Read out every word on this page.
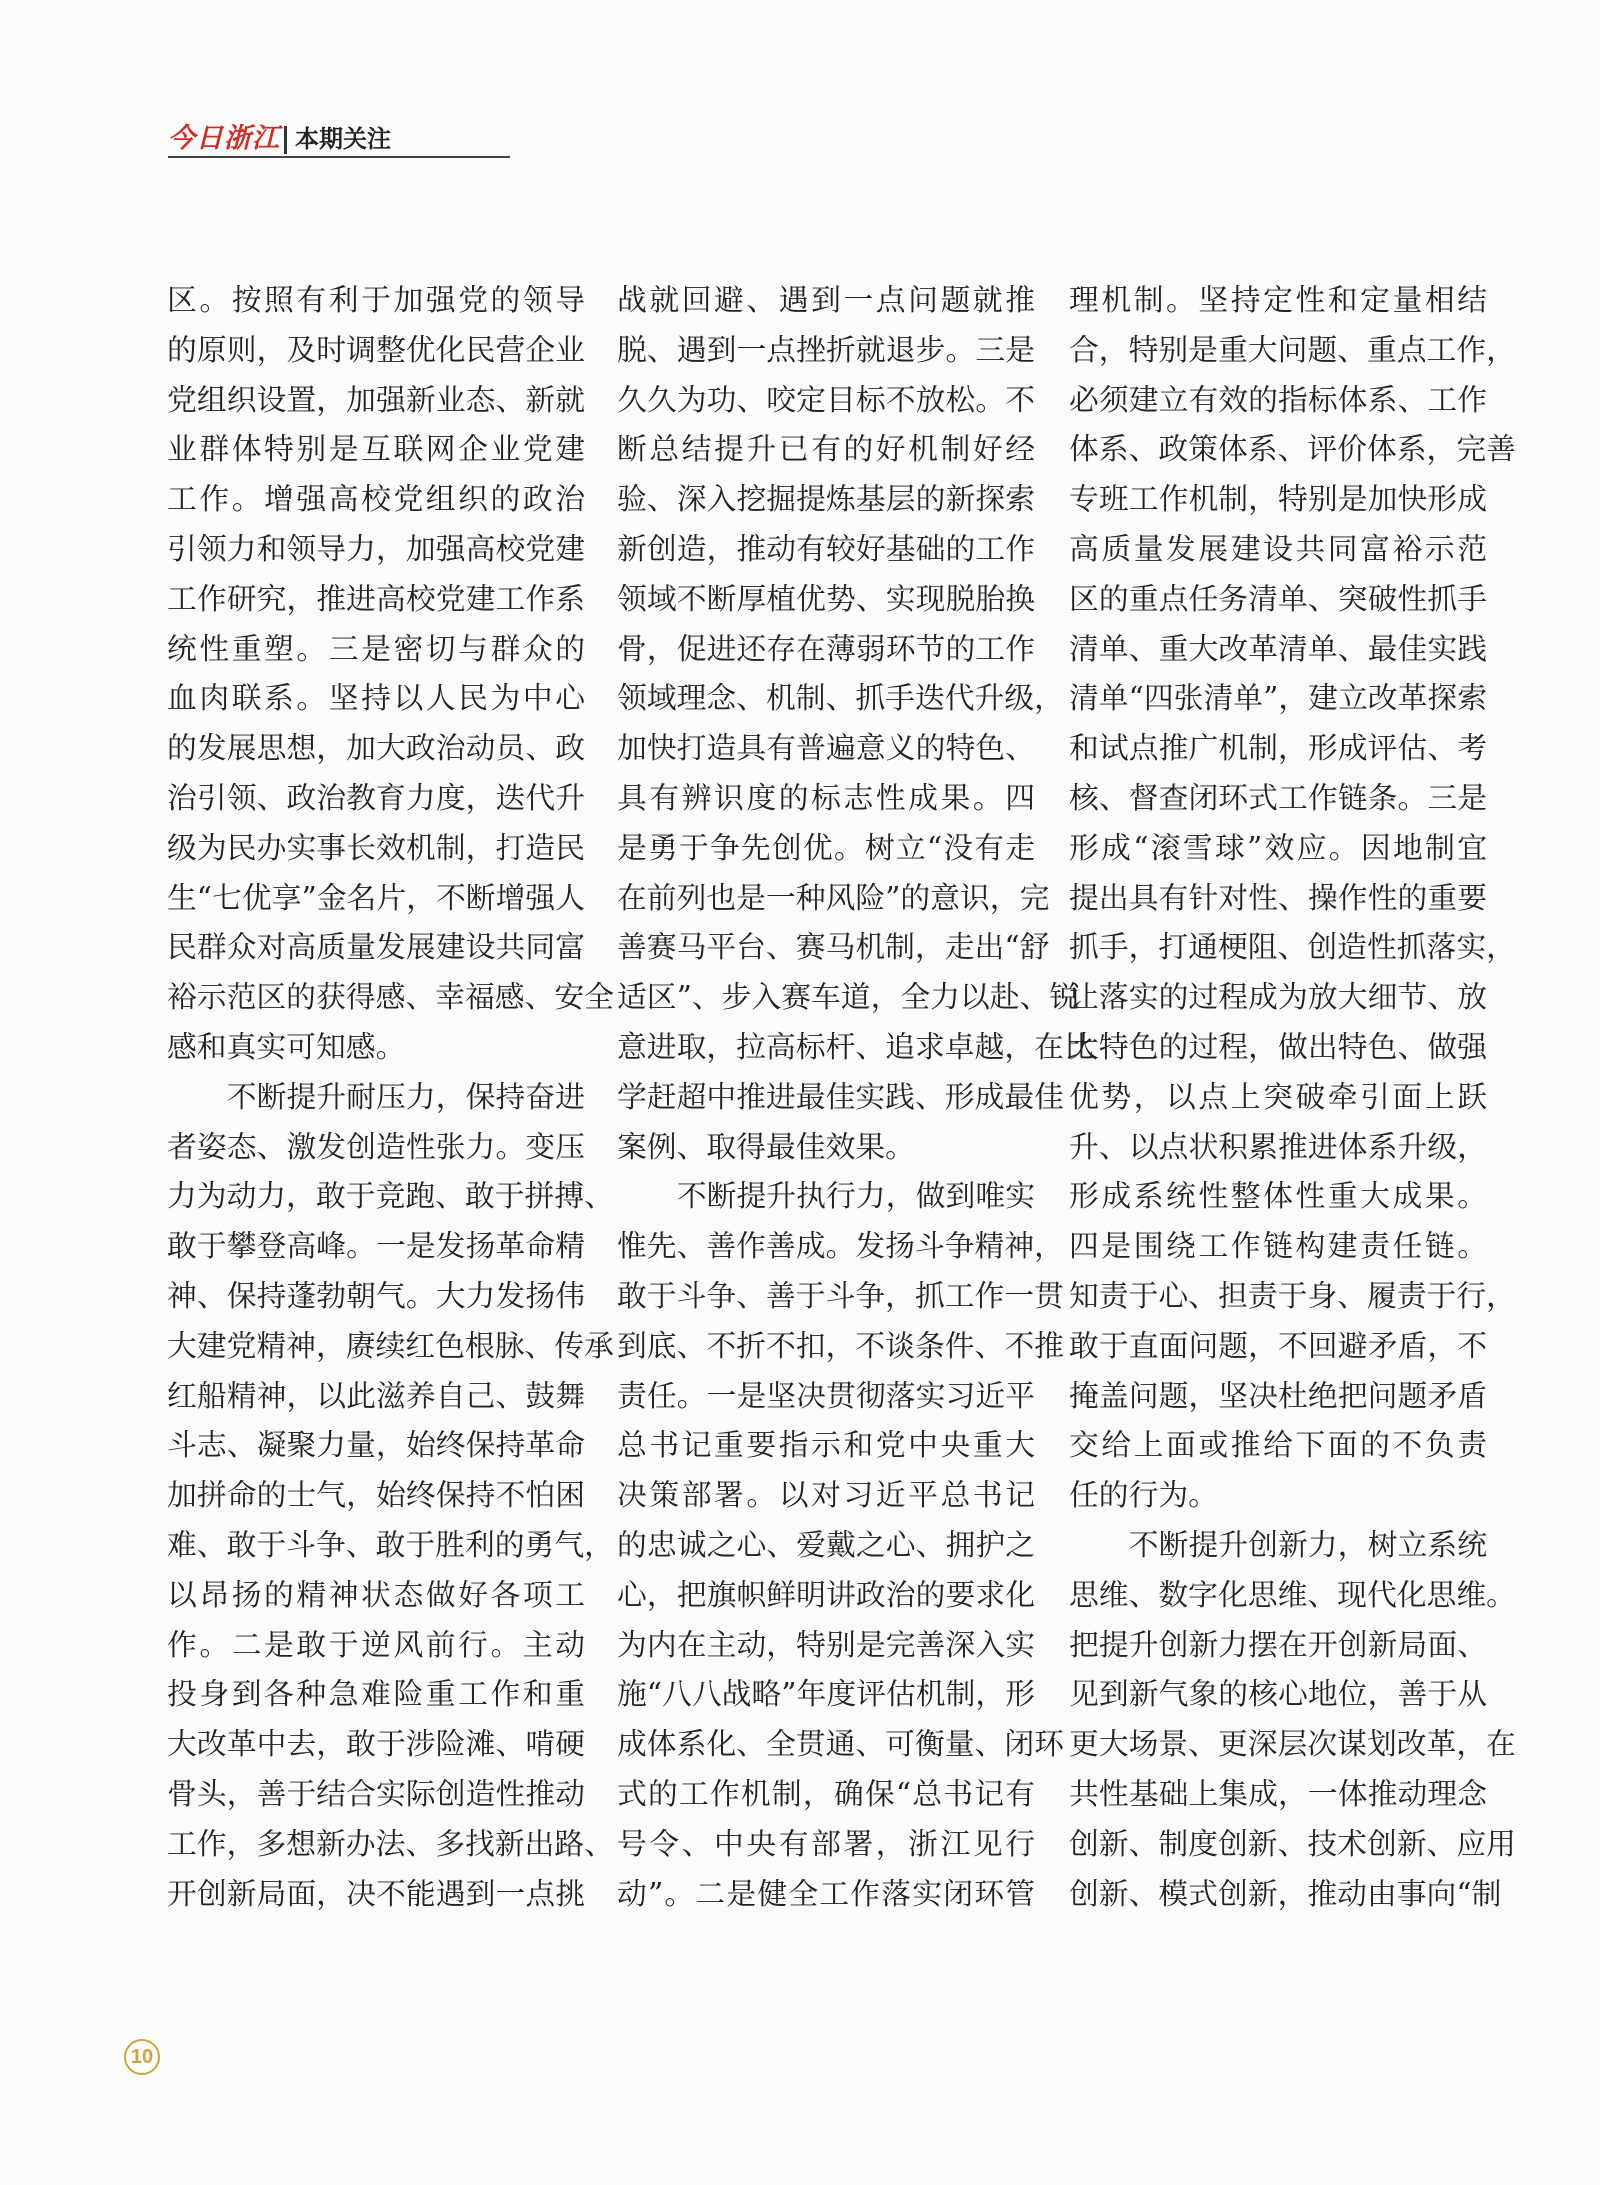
今日浙江 本期关注

区。按照有利于加强党的领导

的原则，及时调整优化民营企业

党组织设置，加强新业态、新就

业群体特别是互联网企业党建

工作。增强高校党组织的政治

引领力和领导力，加强高校党建

工作研究，推进高校党建工作系

统性重塑。三是密切与群众的

血肉联系。坚持以人民为中心

的发展思想，加大政治动员、政

治引领、政治教育力度，迭代升

级为民办实事长效机制，打造民

生“七优享”金名片，不断增强人

民群众对高质量发展建设共同富

裕示范区的获得感、幸福感、安全

感和真实可知感。

　　不断提升耐压力，保持奋进

者姿态、激发创造性张力。变压

力为动力，敢于竞跑、敢于拼搏、

敢于攀登高峰。一是发扬革命精

神、保持蓬勃朝气。大力发扬伟

大建党精神，赓续红色根脉、传承

红船精神，以此滋养自己、鼓舞

斗志、凝聚力量，始终保持革命

加拼命的士气，始终保持不怕困

难、敢于斗争、敢于胜利的勇气，

以昂扬的精神状态做好各项工

作。二是敢于逆风前行。主动

投身到各种急难险重工作和重

大改革中去，敢于涉险滩、啃硬

骨头，善于结合实际创造性推动

工作，多想新办法、多找新出路、

开创新局面，决不能遇到一点挑

战就回避、遇到一点问题就推

脱、遇到一点挫折就退步。三是

久久为功、咬定目标不放松。不

断总结提升已有的好机制好经

验、深入挖掘提炼基层的新探索

新创造，推动有较好基础的工作

领域不断厚植优势、实现脱胎换

骨，促进还存在薄弱环节的工作

领域理念、机制、抓手迭代升级，

加快打造具有普遍意义的特色、

具有辨识度的标志性成果。四

是勇于争先创优。树立“没有走

在前列也是一种风险”的意识，完

善赛马平台、赛马机制，走出“舒

适区”、步入赛车道，全力以赴、锐

意进取，拉高标杆、追求卓越，在比

学赶超中推进最佳实践、形成最佳

案例、取得最佳效果。

　　不断提升执行力，做到唯实

惟先、善作善成。发扬斗争精神，

敢于斗争、善于斗争，抓工作一贯

到底、不折不扣，不谈条件、不推

责任。一是坚决贯彻落实习近平

总书记重要指示和党中央重大

决策部署。以对习近平总书记

的忠诚之心、爱戴之心、拥护之

心，把旗帜鲜明讲政治的要求化

为内在主动，特别是完善深入实

施“八八战略”年度评估机制，形

成体系化、全贯通、可衡量、闭环

式的工作机制，确保“总书记有

号令、中央有部署，浙江见行

动”。二是健全工作落实闭环管

理机制。坚持定性和定量相结

合，特别是重大问题、重点工作，

必须建立有效的指标体系、工作

体系、政策体系、评价体系，完善

专班工作机制，特别是加快形成

高质量发展建设共同富裕示范

区的重点任务清单、突破性抓手

清单、重大改革清单、最佳实践

清单“四张清单”，建立改革探索

和试点推广机制，形成评估、考

核、督查闭环式工作链条。三是

形成“滚雪球”效应。因地制宜

提出具有针对性、操作性的重要

抓手，打通梗阻、创造性抓落实，

让落实的过程成为放大细节、放

大特色的过程，做出特色、做强

优势，以点上突破牵引面上跃

升、以点状积累推进体系升级，

形成系统性整体性重大成果。

四是围绕工作链构建责任链。

知责于心、担责于身、履责于行，

敢于直面问题，不回避矛盾，不

掩盖问题，坚决杜绝把问题矛盾

交给上面或推给下面的不负责

任的行为。

　　不断提升创新力，树立系统

思维、数字化思维、现代化思维。

把提升创新力摆在开创新局面、

见到新气象的核心地位，善于从

更大场景、更深层次谋划改革，在

共性基础上集成，一体推动理念

创新、制度创新、技术创新、应用

创新、模式创新，推动由事向“制

10
